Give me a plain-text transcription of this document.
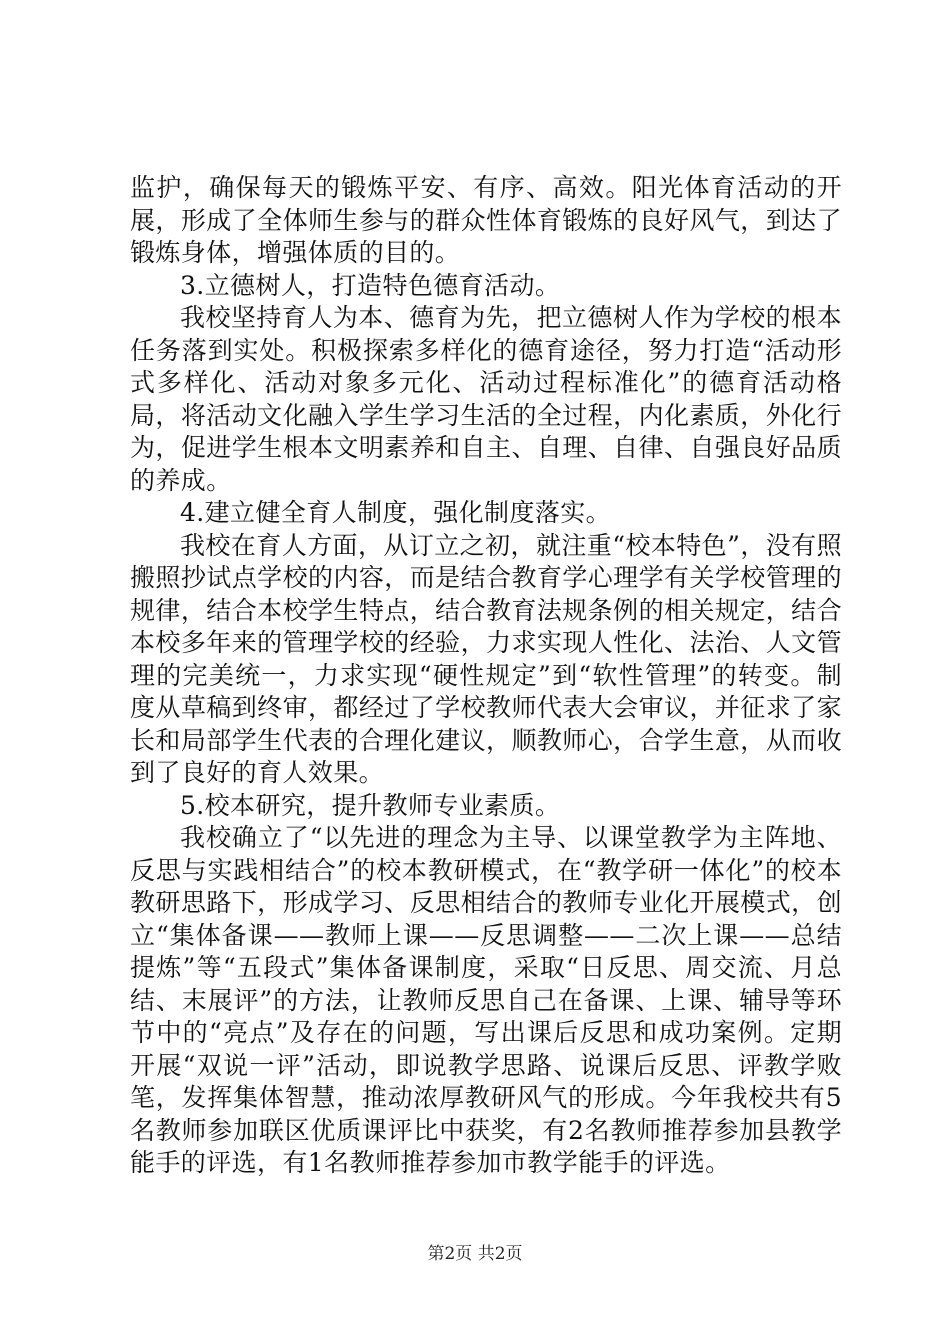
监护，确保每天的锻炼平安、有序、高效。阳光体育活动的开展，形成了全体师生参与的群众性体育锻炼的良好风气，到达了锻炼身体，增强体质的目的。

3.立德树人，打造特色德育活动。

我校坚持育人为本、德育为先，把立德树人作为学校的根本任务落到实处。积极探索多样化的德育途径，努力打造“活动形式多样化、活动对象多元化、活动过程标准化”的德育活动格局，将活动文化融入学生学习生活的全过程，内化素质，外化行为，促进学生根本文明素养和自主、自理、自律、自强良好品质的养成。

4.建立健全育人制度，强化制度落实。

我校在育人方面，从订立之初，就注重“校本特色”，没有照搬照抄试点学校的内容，而是结合教育学心理学有关学校管理的规律，结合本校学生特点，结合教育法规条例的相关规定，结合本校多年来的管理学校的经验，力求实现人性化、法治、人文管理的完美统一，力求实现“硬性规定”到“软性管理”的转变。制度从草稿到终审，都经过了学校教师代表大会审议，并征求了家长和局部学生代表的合理化建议，顺教师心，合学生意，从而收到了良好的育人效果。

5.校本研究，提升教师专业素质。

我校确立了“以先进的理念为主导、以课堂教学为主阵地、反思与实践相结合”的校本教研模式，在“教学研一体化”的校本教研思路下，形成学习、反思相结合的教师专业化开展模式，创立“集体备课——教师上课——反思调整——二次上课——总结提炼”等“五段式”集体备课制度，采取“日反思、周交流、月总结、末展评”的方法，让教师反思自己在备课、上课、辅导等环节中的“亮点”及存在的问题，写出课后反思和成功案例。定期开展“双说一评”活动，即说教学思路、说课后反思、评教学败笔，发挥集体智慧，推动浓厚教研风气的形成。今年我校共有5名教师参加联区优质课评比中获奖，有2名教师推荐参加县教学能手的评选，有1名教师推荐参加市教学能手的评选。

第2页 共2页
